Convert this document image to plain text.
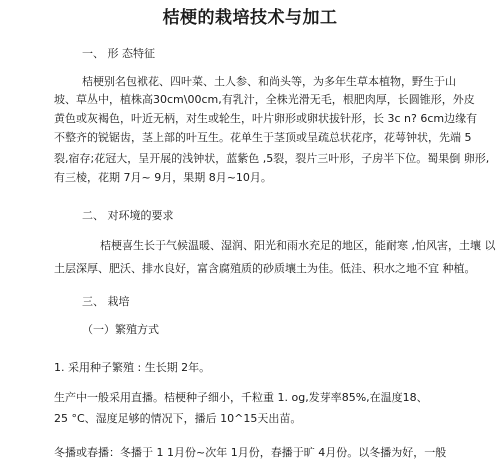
桔梗的栽培技术与加工
一、 形 态特征
桔梗别名包袱花、四叶菜、土人参、和尚头等，为多年生草本植物，野生于山
坡、草丛中，植株高30cm\00cm,有乳汁，全株光滑无毛，根肥肉厚，长圆锥形，外皮
黄色或灰褐色，叶近无柄，对生或轮生，叶片卵形或卵状拔针形，长 3c n? 6cm边缘有
不整齐的锐锯齿，茎上部的叶互生。花单生于茎顶或呈疏总状花序，花萼钟状，先端 5
裂,宿存;花冠大，呈开展的浅钟状，蓝紫色 ,5裂，裂片三叶形，子房半下位。蜀果倒 卵形,
有三棱，花期 7月~ 9月，果期 8月~10月。
二、 对环境的要求
桔梗喜生长于气候温暖、湿润、阳光和雨水充足的地区，能耐寒 ,怕风害，土壤 以
土层深厚、肥沃、排水良好，富含腐殖质的砂质壤土为佳。低洼、积水之地不宜 种植。
三、 栽培
（一）繁殖方式
1. 采用种子繁殖 : 生长期 2年。
生产中一般采用直播。桔梗种子细小，千粒重 1. og,发芽率85%,在温度18、
25 °C、湿度足够的情况下，播后 10^15天出苗。
冬播或春播：冬播于 1 1月份~次年 1月份，春播于旷 4月份。以冬播为好，一般
